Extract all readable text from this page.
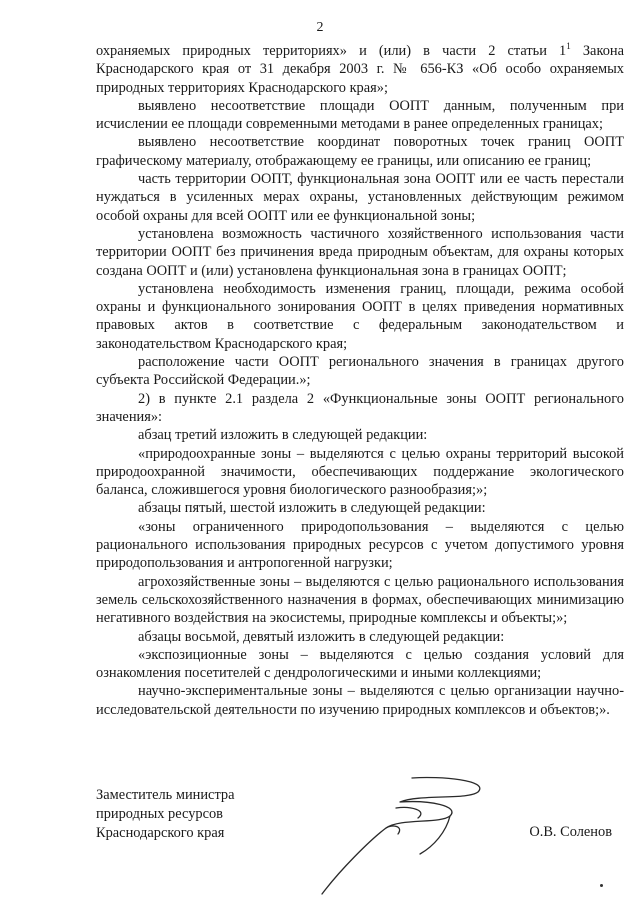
2

охраняемых природных территориях» и (или) в части 2 статьи 1$^1$ Закона Краснодарского края от 31 декабря 2003 г. № 656-КЗ «Об особо охраняемых природных территориях Краснодарского края»;

выявлено несоответствие площади ООПТ данным, полученным при исчислении ее площади современными методами в ранее определенных границах;

выявлено несоответствие координат поворотных точек границ ООПТ графическому материалу, отображающему ее границы, или описанию ее границ;

часть территории ООПТ, функциональная зона ООПТ или ее часть перестали нуждаться в усиленных мерах охраны, установленных действующим режимом особой охраны для всей ООПТ или ее функциональной зоны;

установлена возможность частичного хозяйственного использования части территории ООПТ без причинения вреда природным объектам, для охраны которых создана ООПТ и (или) установлена функциональная зона в границах ООПТ;

установлена необходимость изменения границ, площади, режима особой охраны и функционального зонирования ООПТ в целях приведения нормативных правовых актов в соответствие с федеральным законодательством и законодательством Краснодарского края;

расположение части ООПТ регионального значения в границах другого субъекта Российской Федерации.»;

2) в пункте 2.1 раздела 2 «Функциональные зоны ООПТ регионального значения»:

абзац третий изложить в следующей редакции:

«природоохранные зоны – выделяются с целью охраны территорий высокой природоохранной значимости, обеспечивающих поддержание экологического баланса, сложившегося уровня биологического разнообразия;»;

абзацы пятый, шестой изложить в следующей редакции:

«зоны ограниченного природопользования – выделяются с целью рационального использования природных ресурсов с учетом допустимого уровня природопользования и антропогенной нагрузки;

агрохозяйственные зоны – выделяются с целью рационального использования земель сельскохозяйственного назначения в формах, обеспечивающих минимизацию негативного воздействия на экосистемы, природные комплексы и объекты;»;

абзацы восьмой, девятый изложить в следующей редакции:

«экспозиционные зоны – выделяются с целью создания условий для ознакомления посетителей с дендрологическими и иными коллекциями;

научно-экспериментальные зоны – выделяются с целью организации научно-исследовательской деятельности по изучению природных комплексов и объектов;».

Заместитель министра
природных ресурсов
Краснодарского края	О.В. Соленов
